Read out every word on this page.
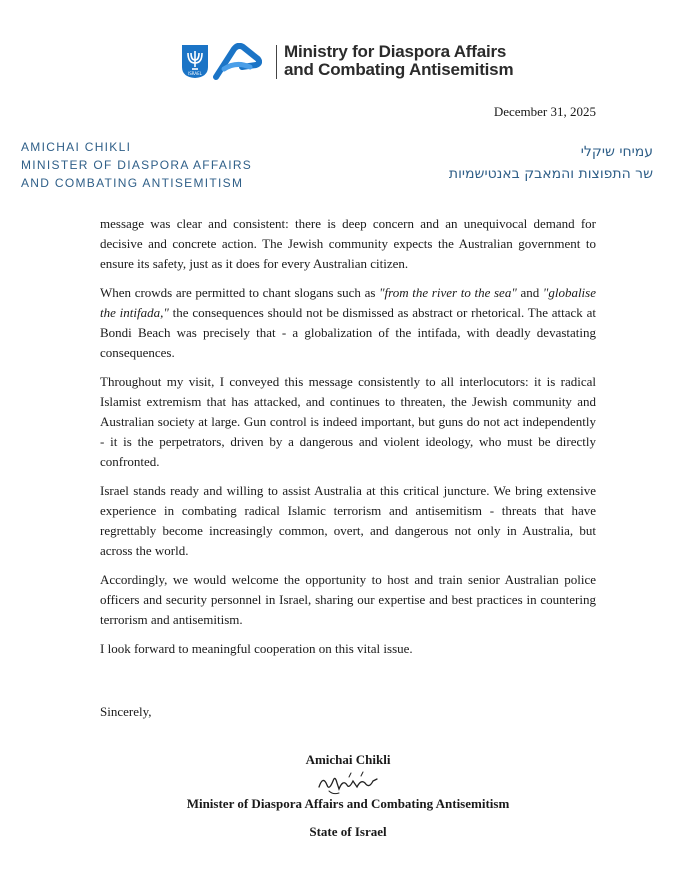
ISRAEL
Ministry for Diaspora Affairs
and Combating Antisemitism
December 31, 2025
AMICHAI CHIKLI
MINISTER OF DIASPORA AFFAIRS
AND COMBATING ANTISEMITISM
עמיחי שיקלי
שר התפוצות והמאבק באנטישמיות

message was clear and consistent: there is deep concern and an unequivocal demand for decisive and concrete action. The Jewish community expects the Australian government to ensure its safety, just as it does for every Australian citizen.

When crowds are permitted to chant slogans such as "from the river to the sea" and "globalise the intifada," the consequences should not be dismissed as abstract or rhetorical. The attack at Bondi Beach was precisely that - a globalization of the intifada, with deadly devastating consequences.

Throughout my visit, I conveyed this message consistently to all interlocutors: it is radical Islamist extremism that has attacked, and continues to threaten, the Jewish community and Australian society at large. Gun control is indeed important, but guns do not act independently - it is the perpetrators, driven by a dangerous and violent ideology, who must be directly confronted.

Israel stands ready and willing to assist Australia at this critical juncture. We bring extensive experience in combating radical Islamic terrorism and antisemitism - threats that have regrettably become increasingly common, overt, and dangerous not only in Australia, but across the world.

Accordingly, we would welcome the opportunity to host and train senior Australian police officers and security personnel in Israel, sharing our expertise and best practices in countering terrorism and antisemitism.

I look forward to meaningful cooperation on this vital issue.

Sincerely,
Amichai Chikli
Minister of Diaspora Affairs and Combating Antisemitism
State of Israel
